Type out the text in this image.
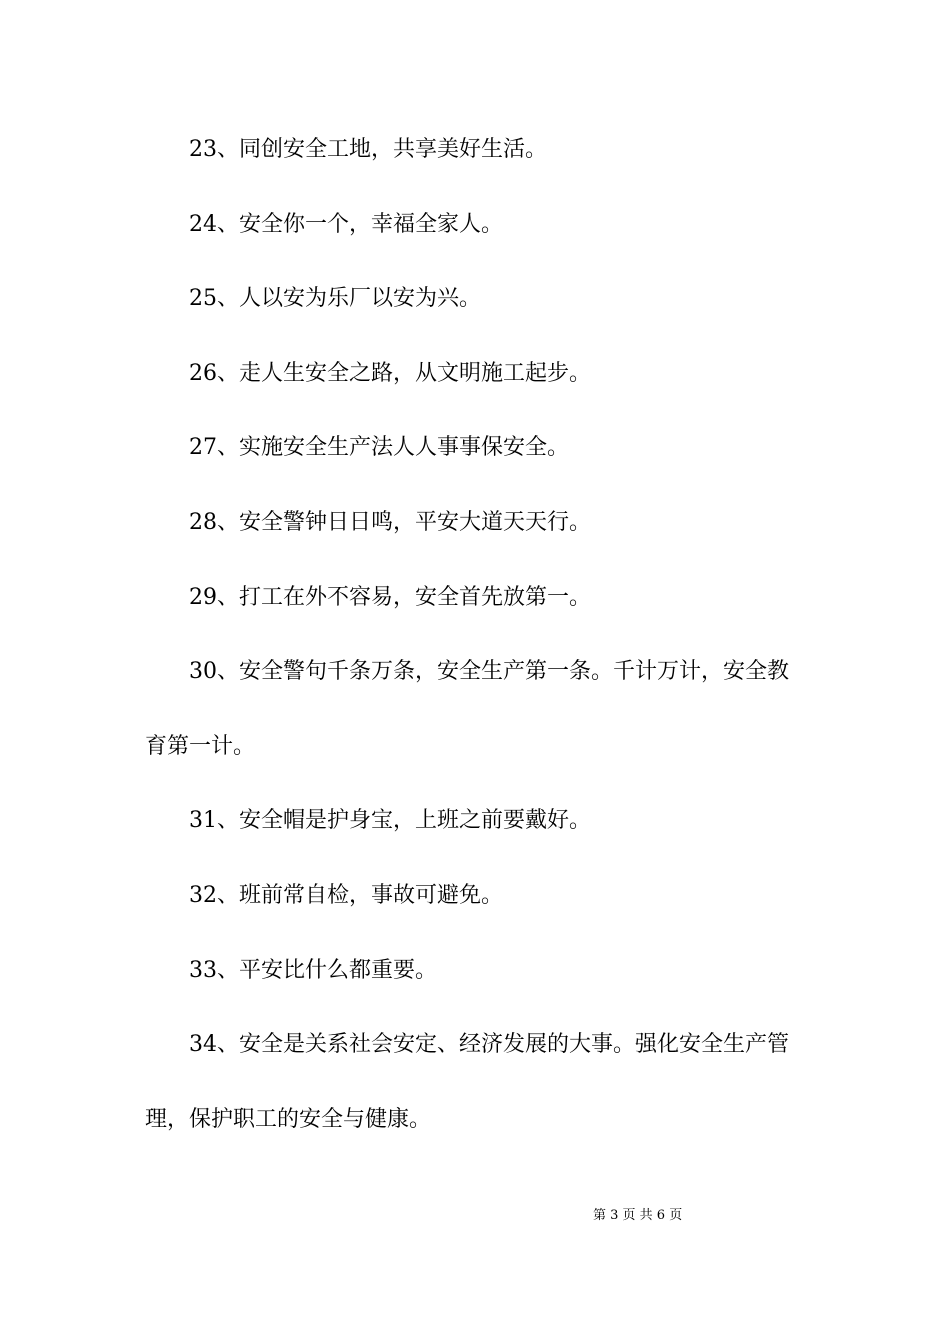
23、同创安全工地，共享美好生活。
24、安全你一个，幸福全家人。
25、人以安为乐厂以安为兴。
26、走人生安全之路，从文明施工起步。
27、实施安全生产法人人事事保安全。
28、安全警钟日日鸣，平安大道天天行。
29、打工在外不容易，安全首先放第一。
30、安全警句千条万条，安全生产第一条。千计万计，安全教
育第一计。
31、安全帽是护身宝，上班之前要戴好。
32、班前常自检，事故可避免。
33、平安比什么都重要。
34、安全是关系社会安定、经济发展的大事。强化安全生产管
理，保护职工的安全与健康。
第 3 页 共 6 页
